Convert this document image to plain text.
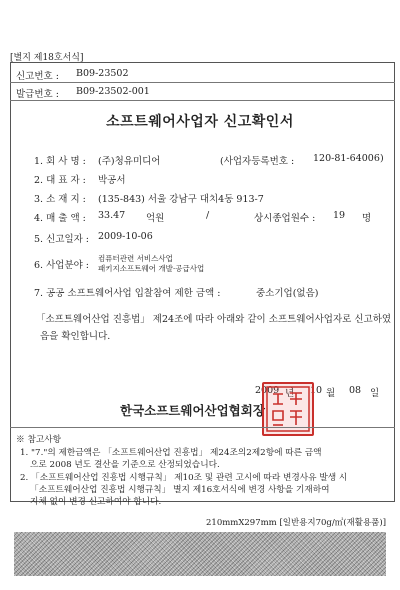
[별지 제18호서식]
신고번호 : B09-23502
발급번호 : B09-23502-001
소프트웨어사업자 신고확인서
1. 회 사 명 : (주)청유미디어	(사업자등록번호 : 120-81-64006 )
2. 대 표 자 : 박공서
3. 소 재 지 : (135-843) 서울 강남구 대치4동 913-7
4. 매 출 액 : 33.47 억원	/	상시종업원수 : 19 명
5. 신고일자 : 2009-10-06
6. 사업분야 :
컴퓨터관련 서비스사업
패키지소프트웨어 개발·공급사업
7. 공공 소프트웨어사업 입찰참여 제한 금액 :	중소기업(없음)
「소프트웨어산업 진흥법」 제24조에 따라 아래와 같이 소프트웨어사업자로 신고하였
음을 확인합니다.
2009 년 10 월 08 일
한국소프트웨어산업협회장
※ 참고사항
1. "7."의 제한금액은 「소프트웨어산업 진흥법」 제24조의2제2항에 따른 금액
으로 2008 년도 결산을 기준으로 산정되었습니다.
2. 「소프트웨어산업 진흥법 시행규칙」 제10조 및 관련 고시에 따라 변경사유 발생 시
「소프트웨어산업 진흥법 시행규칙」 별지 제16호서식에 변경 사항을 기재하여
지체 없이 변경 신고하여야 합니다.
210mmX297mm [일반용지70g/㎡(재활용품)]
